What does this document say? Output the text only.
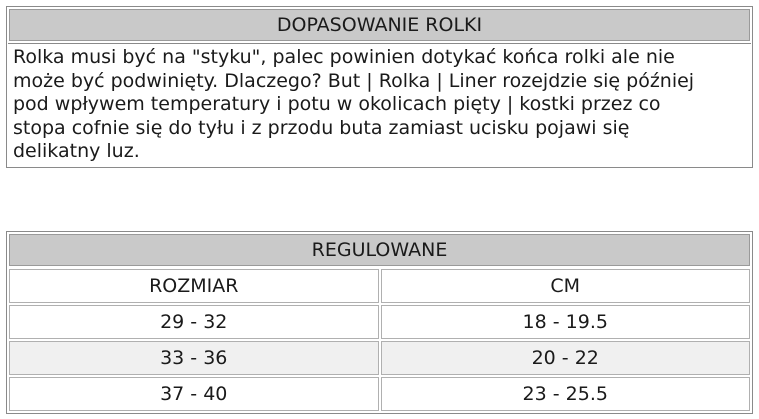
DOPASOWANIE ROLKI
Rolka musi być na "styku", palec powinien dotykać końca rolki ale nie
może być podwinięty. Dlaczego? But | Rolka | Liner rozejdzie się później
pod wpływem temperatury i potu w okolicach pięty | kostki przez co
stopa cofnie się do tyłu i z przodu buta zamiast ucisku pojawi się
delikatny luz.
REGULOWANE
ROZMIAR	CM
29 - 32	18 - 19.5
33 - 36	20 - 22
37 - 40	23 - 25.5
